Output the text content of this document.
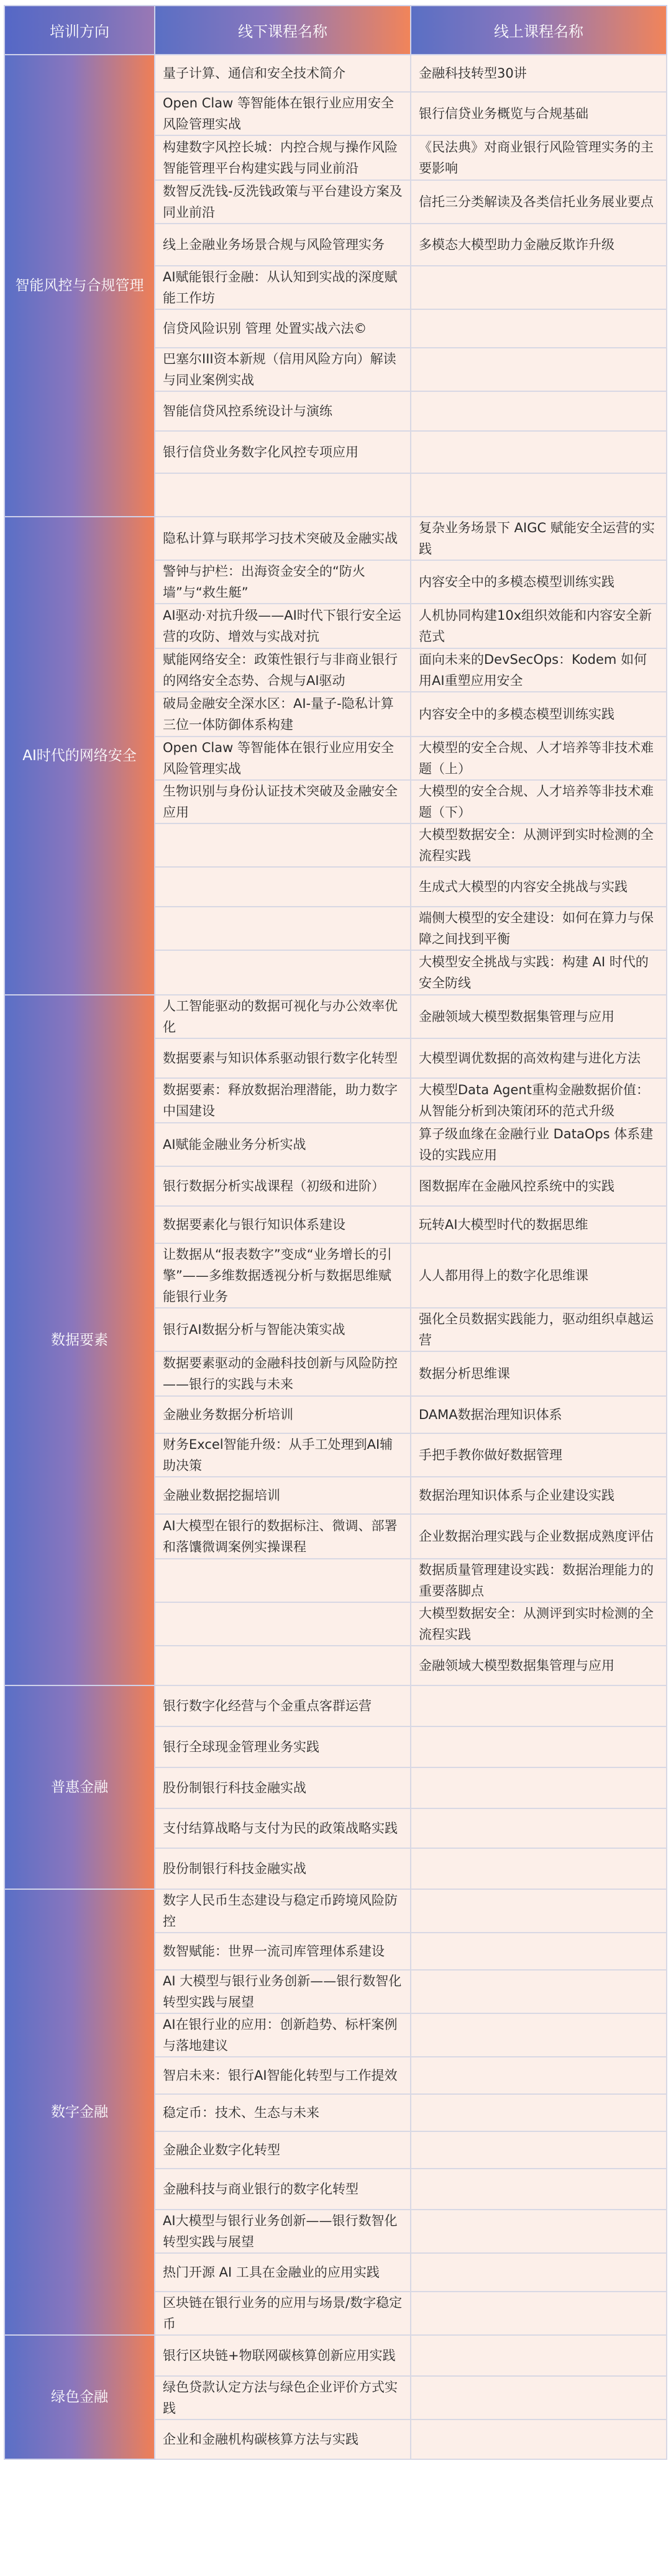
培训方向	线下课程名称	线上课程名称
智能风控与合规管理	量子计算、通信和安全技术简介	金融科技转型30讲
	Open Claw 等智能体在银行业应用安全风险管理实战	银行信贷业务概览与合规基础
	构建数字风控长城：内控合规与操作风险智能管理平台构建实践与同业前沿	《民法典》对商业银行风险管理实务的主要影响
	数智反洗钱-反洗钱政策与平台建设方案及同业前沿	信托三分类解读及各类信托业务展业要点
	线上金融业务场景合规与风险管理实务	多模态大模型助力金融反欺诈升级
	AI赋能银行金融：从认知到实战的深度赋能工作坊	
	信贷风险识别 管理 处置实战六法©	
	巴塞尔III资本新规（信用风险方向）解读与同业案例实战	
	智能信贷风控系统设计与演练	
	银行信贷业务数字化风控专项应用	

AI时代的网络安全	隐私计算与联邦学习技术突破及金融实战	复杂业务场景下 AIGC 赋能安全运营的实践
	警钟与护栏：出海资金安全的“防火墙”与“救生艇”	内容安全中的多模态模型训练实践
	AI驱动·对抗升级——AI时代下银行安全运营的攻防、增效与实战对抗	人机协同构建10x组织效能和内容安全新范式
	赋能网络安全：政策性银行与非商业银行的网络安全态势、合规与AI驱动	面向未来的DevSecOps：Kodem 如何用AI重塑应用安全
	破局金融安全深水区：AI-量子-隐私计算三位一体防御体系构建	内容安全中的多模态模型训练实践
	Open Claw 等智能体在银行业应用安全风险管理实战	大模型的安全合规、人才培养等非技术难题（上）
	生物识别与身份认证技术突破及金融安全应用	大模型的安全合规、人才培养等非技术难题（下）
		大模型数据安全：从测评到实时检测的全流程实践
		生成式大模型的内容安全挑战与实践
		端侧大模型的安全建设：如何在算力与保障之间找到平衡
		大模型安全挑战与实践：构建 AI 时代的安全防线
数据要素	人工智能驱动的数据可视化与办公效率优化	金融领域大模型数据集管理与应用
	数据要素与知识体系驱动银行数字化转型	大模型调优数据的高效构建与进化方法
	数据要素：释放数据治理潜能，助力数字中国建设	大模型Data Agent重构金融数据价值：从智能分析到决策闭环的范式升级
	AI赋能金融业务分析实战	算子级血缘在金融行业 DataOps 体系建设的实践应用
	银行数据分析实战课程（初级和进阶）	图数据库在金融风控系统中的实践
	数据要素化与银行知识体系建设	玩转AI大模型时代的数据思维
	让数据从“报表数字”变成“业务增长的引擎”——多维数据透视分析与数据思维赋能银行业务	人人都用得上的数字化思维课
	银行AI数据分析与智能决策实战	强化全员数据实践能力，驱动组织卓越运营
	数据要素驱动的金融科技创新与风险防控——银行的实践与未来	数据分析思维课
	金融业务数据分析培训	DAMA数据治理知识体系
	财务Excel智能升级：从手工处理到AI辅助决策	手把手教你做好数据管理
	金融业数据挖掘培训	数据治理知识体系与企业建设实践
	AI大模型在银行的数据标注、微调、部署和落馕微调案例实操课程	企业数据治理实践与企业数据成熟度评估
		数据质量管理建设实践：数据治理能力的重要落脚点
		大模型数据安全：从测评到实时检测的全流程实践
		金融领域大模型数据集管理与应用
普惠金融	银行数字化经营与个金重点客群运营	
	银行全球现金管理业务实践	
	股份制银行科技金融实战	
	支付结算战略与支付为民的政策战略实践	
	股份制银行科技金融实战	
数字金融	数字人民币生态建设与稳定币跨境风险防控	
	数智赋能：世界一流司库管理体系建设	
	AI 大模型与银行业务创新——银行数智化转型实践与展望	
	AI在银行业的应用：创新趋势、标杆案例与落地建议	
	智启未来：银行AI智能化转型与工作提效	
	稳定币：技术、生态与未来	
	金融企业数字化转型	
	金融科技与商业银行的数字化转型	
	AI大模型与银行业务创新——银行数智化转型实践与展望	
	热门开源 AI 工具在金融业的应用实践	
	区块链在银行业务的应用与场景/数字稳定币	
绿色金融	银行区块链+物联网碳核算创新应用实践	
	绿色贷款认定方法与绿色企业评价方式实践	
	企业和金融机构碳核算方法与实践	
